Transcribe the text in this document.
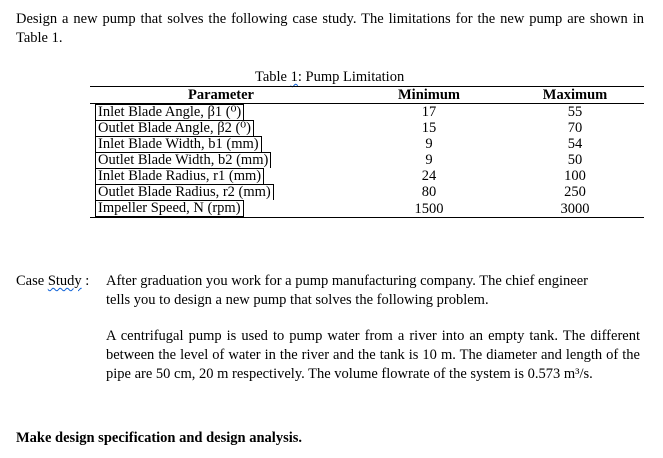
Design a new pump that solves the following case study. The limitations for the new pump are shown in Table 1.
Table 1: Pump Limitation
Parameter	Minimum	Maximum
Inlet Blade Angle, β1 (⁰)	17	55
Outlet Blade Angle, β2 (⁰)	15	70
Inlet Blade Width, b1 (mm)	9	54
Outlet Blade Width, b2 (mm)	9	50
Inlet Blade Radius, r1 (mm)	24	100
Outlet Blade Radius, r2 (mm)	80	250
Impeller Speed, N (rpm)	1500	3000
Case Study : After graduation you work for a pump manufacturing company. The chief engineer
tells you to design a new pump that solves the following problem.
A centrifugal pump is used to pump water from a river into an empty tank. The different between the level of water in the river and the tank is 10 m. The diameter and length of the pipe are 50 cm, 20 m respectively. The volume flowrate of the system is 0.573 m³/s.
Make design specification and design analysis.
